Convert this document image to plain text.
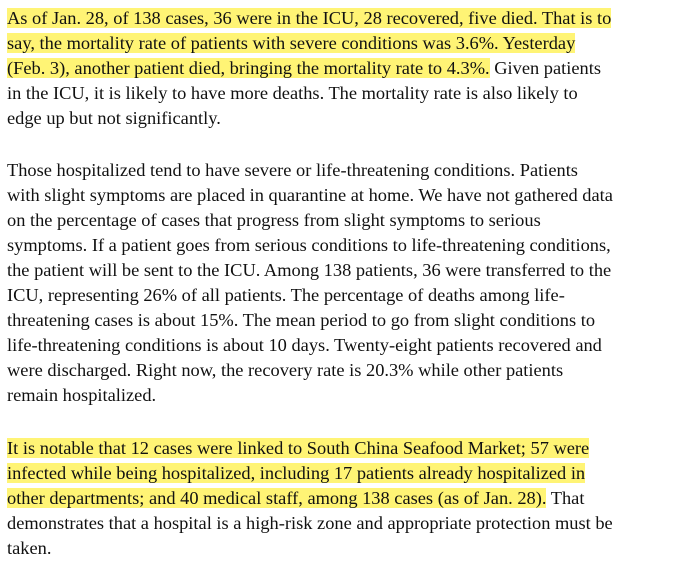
As of Jan. 28, of 138 cases, 36 were in the ICU, 28 recovered, five died. That is to
say, the mortality rate of patients with severe conditions was 3.6%. Yesterday
(Feb. 3), another patient died, bringing the mortality rate to 4.3%. Given patients
in the ICU, it is likely to have more deaths. The mortality rate is also likely to
edge up but not significantly.

Those hospitalized tend to have severe or life-threatening conditions. Patients
with slight symptoms are placed in quarantine at home. We have not gathered data
on the percentage of cases that progress from slight symptoms to serious
symptoms. If a patient goes from serious conditions to life-threatening conditions,
the patient will be sent to the ICU. Among 138 patients, 36 were transferred to the
ICU, representing 26% of all patients. The percentage of deaths among life-
threatening cases is about 15%. The mean period to go from slight conditions to
life-threatening conditions is about 10 days. Twenty-eight patients recovered and
were discharged. Right now, the recovery rate is 20.3% while other patients
remain hospitalized.

It is notable that 12 cases were linked to South China Seafood Market; 57 were
infected while being hospitalized, including 17 patients already hospitalized in
other departments; and 40 medical staff, among 138 cases (as of Jan. 28). That
demonstrates that a hospital is a high-risk zone and appropriate protection must be
taken.
